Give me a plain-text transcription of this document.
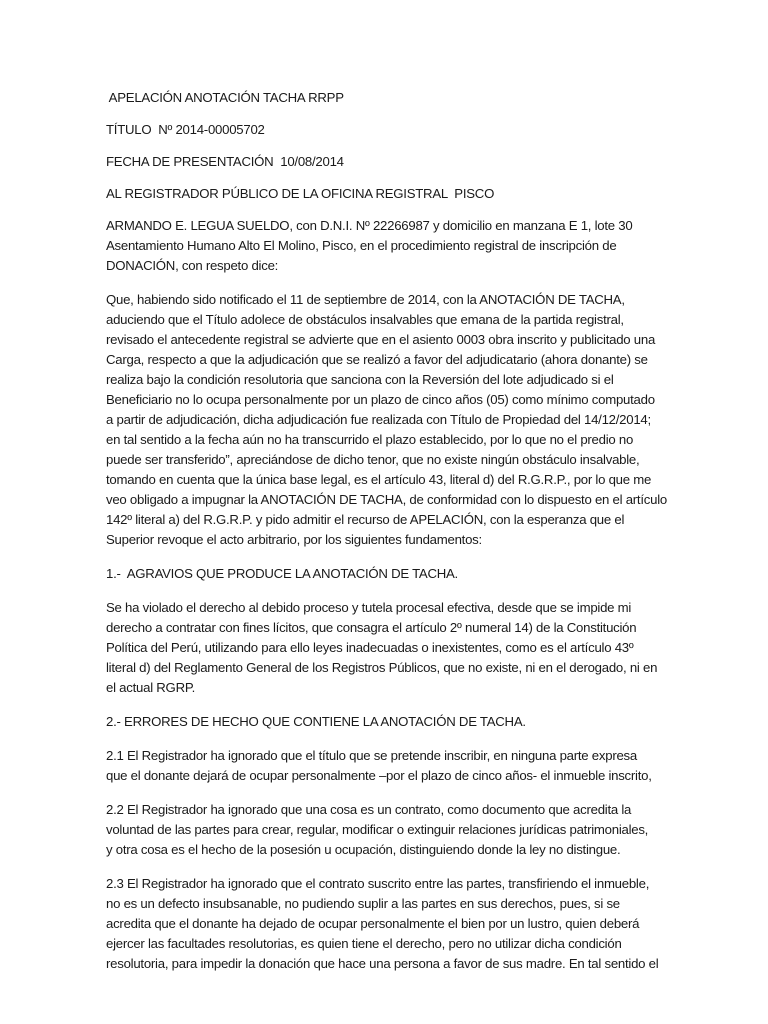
APELACIÓN ANOTACIÓN TACHA RRPP

TÍTULO  Nº 2014-00005702

FECHA DE PRESENTACIÓN  10/08/2014

AL REGISTRADOR PÚBLICO DE LA OFICINA REGISTRAL  PISCO

ARMANDO E. LEGUA SUELDO, con D.N.I. Nº 22266987 y domicilio en manzana E 1, lote 30
Asentamiento Humano Alto El Molino, Pisco, en el procedimiento registral de inscripción de
DONACIÓN, con respeto dice:
Que, habiendo sido notificado el 11 de septiembre de 2014, con la ANOTACIÓN DE TACHA,
aduciendo que el Título adolece de obstáculos insalvables que emana de la partida registral,
revisado el antecedente registral se advierte que en el asiento 0003 obra inscrito y publicitado una
Carga, respecto a que la adjudicación que se realizó a favor del adjudicatario (ahora donante) se
realiza bajo la condición resolutoria que sanciona con la Reversión del lote adjudicado si el
Beneficiario no lo ocupa personalmente por un plazo de cinco años (05) como mínimo computado
a partir de adjudicación, dicha adjudicación fue realizada con Título de Propiedad del 14/12/2014;
en tal sentido a la fecha aún no ha transcurrido el plazo establecido, por lo que no el predio no
puede ser transferido”, apreciándose de dicho tenor, que no existe ningún obstáculo insalvable,
tomando en cuenta que la única base legal, es el artículo 43, literal d) del R.G.R.P., por lo que me
veo obligado a impugnar la ANOTACIÓN DE TACHA, de conformidad con lo dispuesto en el artículo
142º literal a) del R.G.R.P. y pido admitir el recurso de APELACIÓN, con la esperanza que el
Superior revoque el acto arbitrario, por los siguientes fundamentos:

1.-  AGRAVIOS QUE PRODUCE LA ANOTACIÓN DE TACHA.

Se ha violado el derecho al debido proceso y tutela procesal efectiva, desde que se impide mi
derecho a contratar con fines lícitos, que consagra el artículo 2º numeral 14) de la Constitución
Política del Perú, utilizando para ello leyes inadecuadas o inexistentes, como es el artículo 43º
literal d) del Reglamento General de los Registros Públicos, que no existe, ni en el derogado, ni en
el actual RGRP.

2.- ERRORES DE HECHO QUE CONTIENE LA ANOTACIÓN DE TACHA.

2.1 El Registrador ha ignorado que el título que se pretende inscribir, en ninguna parte expresa
que el donante dejará de ocupar personalmente –por el plazo de cinco años- el inmueble inscrito,
2.2 El Registrador ha ignorado que una cosa es un contrato, como documento que acredita la
voluntad de las partes para crear, regular, modificar o extinguir relaciones jurídicas patrimoniales,
y otra cosa es el hecho de la posesión u ocupación, distinguiendo donde la ley no distingue.
2.3 El Registrador ha ignorado que el contrato suscrito entre las partes, transfiriendo el inmueble,
no es un defecto insubsanable, no pudiendo suplir a las partes en sus derechos, pues, si se
acredita que el donante ha dejado de ocupar personalmente el bien por un lustro, quien deberá
ejercer las facultades resolutorias, es quien tiene el derecho, pero no utilizar dicha condición
resolutoria, para impedir la donación que hace una persona a favor de sus madre. En tal sentido el
